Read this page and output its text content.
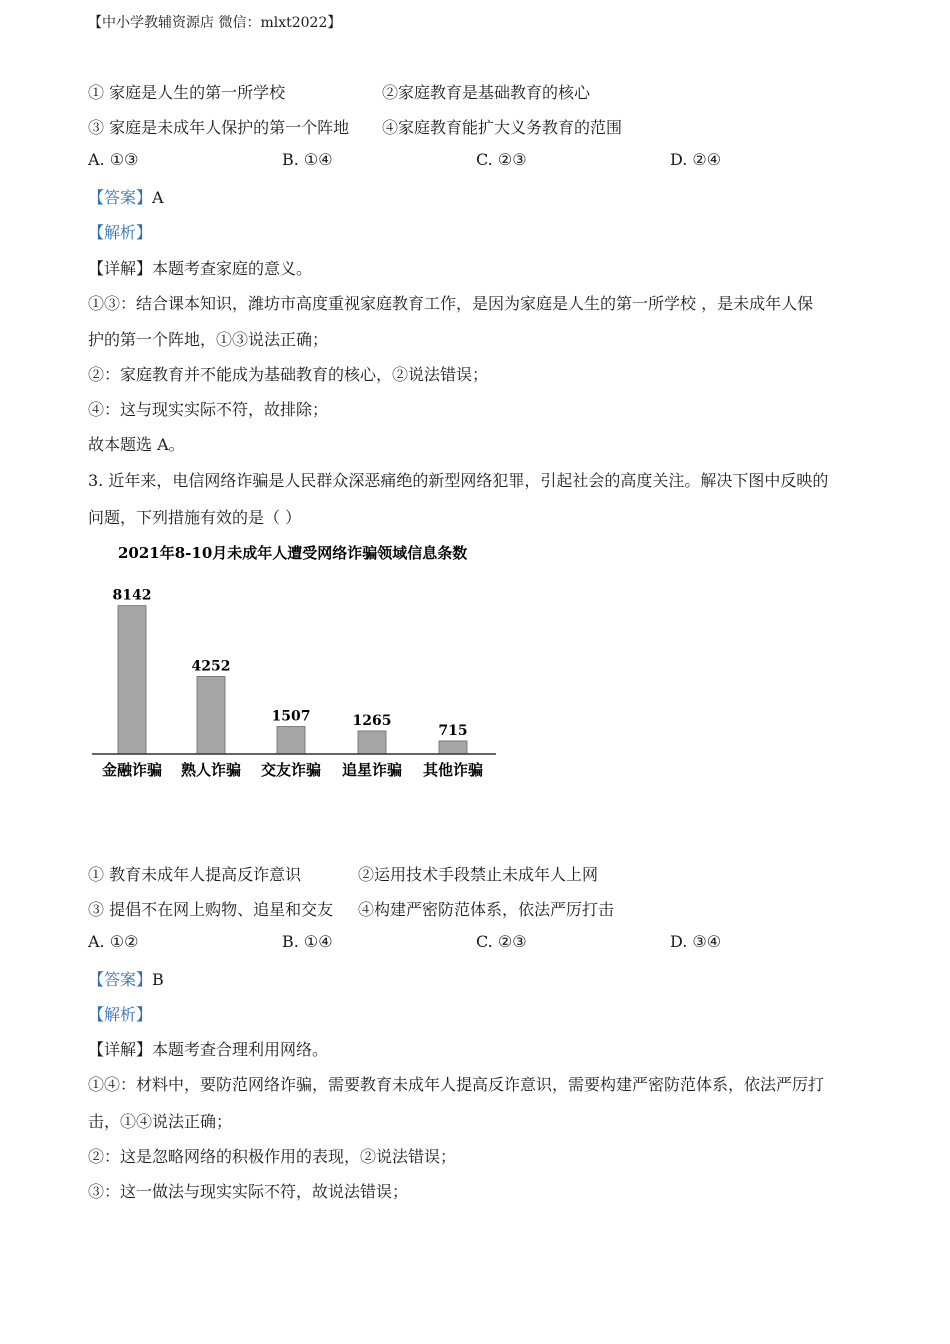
【中小学教辅资源店 微信：mlxt2022】
① 家庭是人生的第一所学校	②家庭教育是基础教育的核心
③ 家庭是未成年人保护的第一个阵地 ④家庭教育能扩大义务教育的范围
A. ①③	B. ①④	C. ②③	D. ②④
【答案】A
【解析】
【详解】本题考查家庭的意义。
①③：结合课本知识，潍坊市高度重视家庭教育工作，是因为家庭是人生的第一所学校 ，是未成年人保
护的第一个阵地，①③说法正确；
②：家庭教育并不能成为基础教育的核心，②说法错误；
④：这与现实实际不符，故排除；
故本题选 A。
3. 近年来，电信网络诈骗是人民群众深恶痛绝的新型网络犯罪，引起社会的高度关注。解决下图中反映的
问题，下列措施有效的是（ ）
2021年8-10月未成年人遭受网络诈骗领域信息条数
8142
金融诈骗
4252
熟人诈骗
1507
交友诈骗
1265
追星诈骗
715
其他诈骗
① 教育未成年人提高反诈意识	②运用技术手段禁止未成年人上网
③ 提倡不在网上购物、追星和交友 ④构建严密防范体系，依法严厉打击
A. ①②	B. ①④	C. ②③	D. ③④
【答案】B
【解析】
【详解】本题考查合理利用网络。
①④：材料中，要防范网络诈骗，需要教育未成年人提高反诈意识，需要构建严密防范体系，依法严厉打
击，①④说法正确；
②：这是忽略网络的积极作用的表现，②说法错误；
③：这一做法与现实实际不符，故说法错误；
